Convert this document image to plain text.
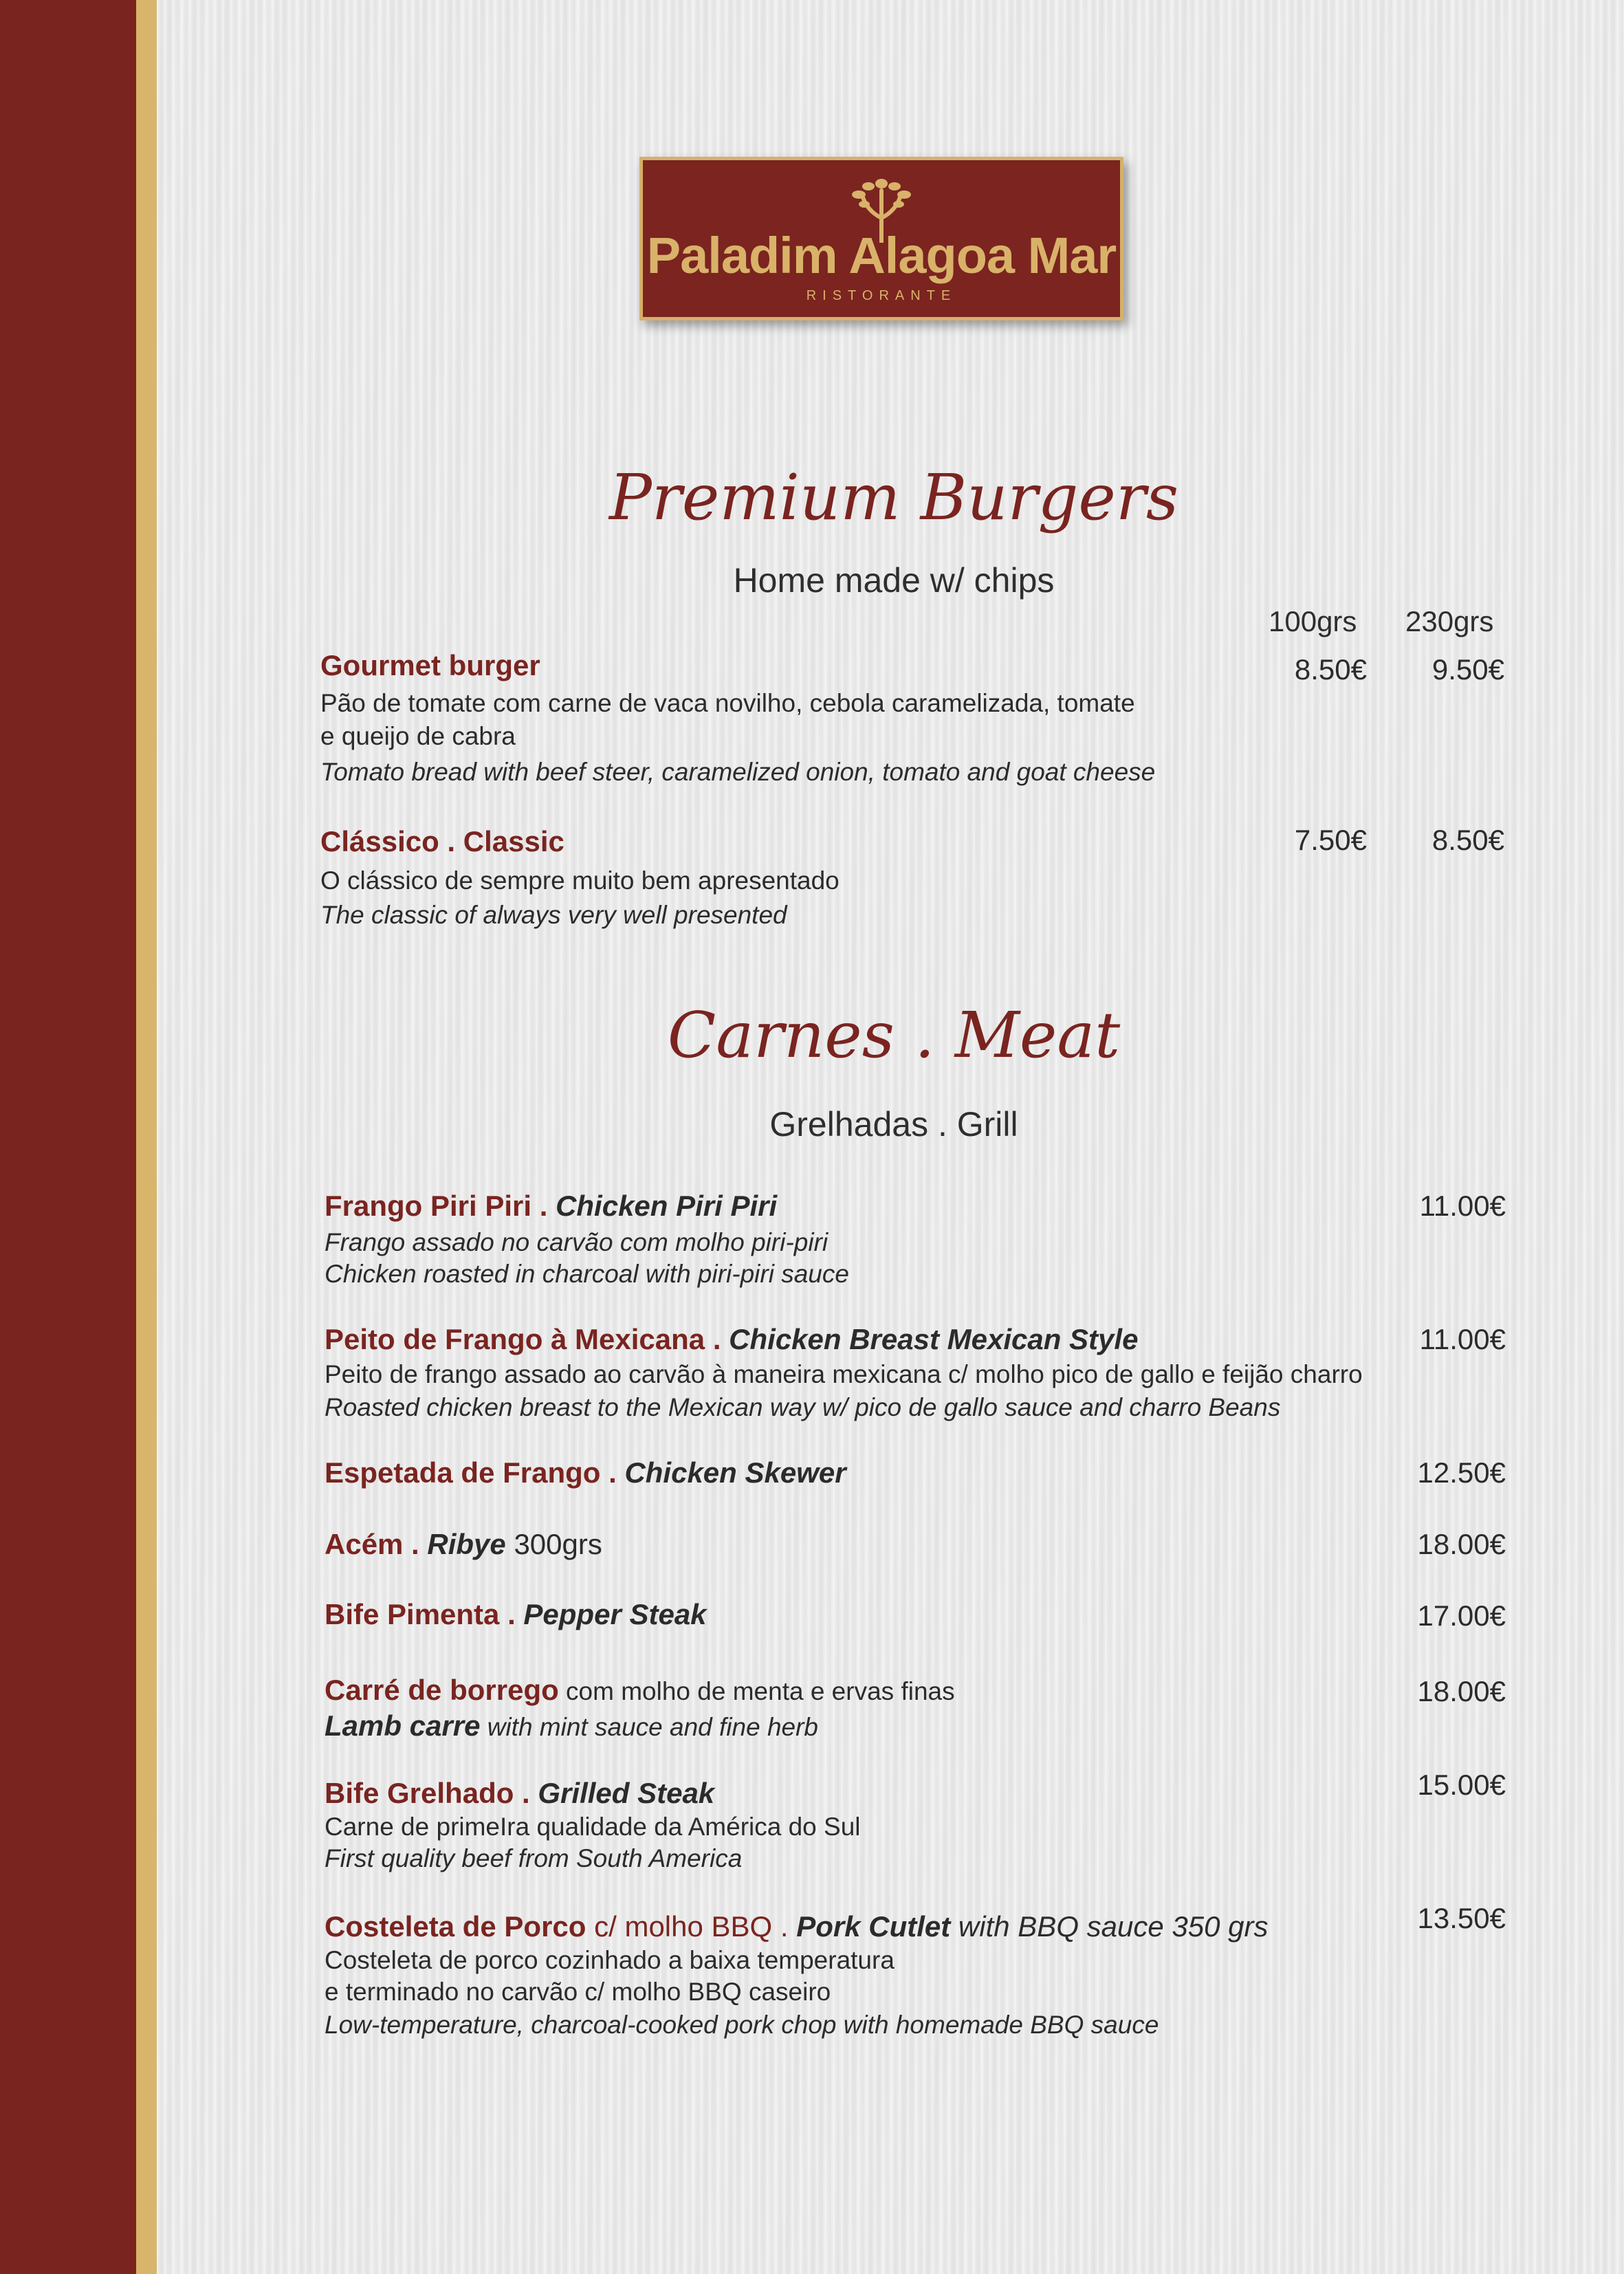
Paladim Alagoa Mar
RISTORANTE
Premium Burgers
Home made w/ chips
100grs 230grs
Gourmet burger
Pão de tomate com carne de vaca novilho, cebola caramelizada, tomate
e queijo de cabra
Tomato bread with beef steer, caramelized onion, tomato and goat cheese
8.50€	9.50€
Clássico . Classic
O clássico de sempre muito bem apresentado
The classic of always very well presented
7.50€	8.50€
Carnes . Meat
Grelhadas . Grill
Frango Piri Piri . Chicken Piri Piri
Frango assado no carvão com molho piri-piri
Chicken roasted in charcoal with piri-piri sauce
11.00€
Peito de Frango à Mexicana . Chicken Breast Mexican Style
Peito de frango assado ao carvão à maneira mexicana c/ molho pico de gallo e feijão charro
Roasted chicken breast to the Mexican way w/ pico de gallo sauce and charro Beans
11.00€
Espetada de Frango . Chicken Skewer	12.50€
Acém . Ribye 300grs	18.00€
Bife Pimenta . Pepper Steak	17.00€
Carré de borrego com molho de menta e ervas finas
Lamb carre with mint sauce and fine herb
18.00€
Bife Grelhado . Grilled Steak
Carne de primeIra qualidade da América do Sul
First quality beef from South America
15.00€
Costeleta de Porco c/ molho BBQ . Pork Cutlet with BBQ sauce 350 grs
Costeleta de porco cozinhado a baixa temperatura
e terminado no carvão c/ molho BBQ caseiro
Low-temperature, charcoal-cooked pork chop with homemade BBQ sauce
13.50€
